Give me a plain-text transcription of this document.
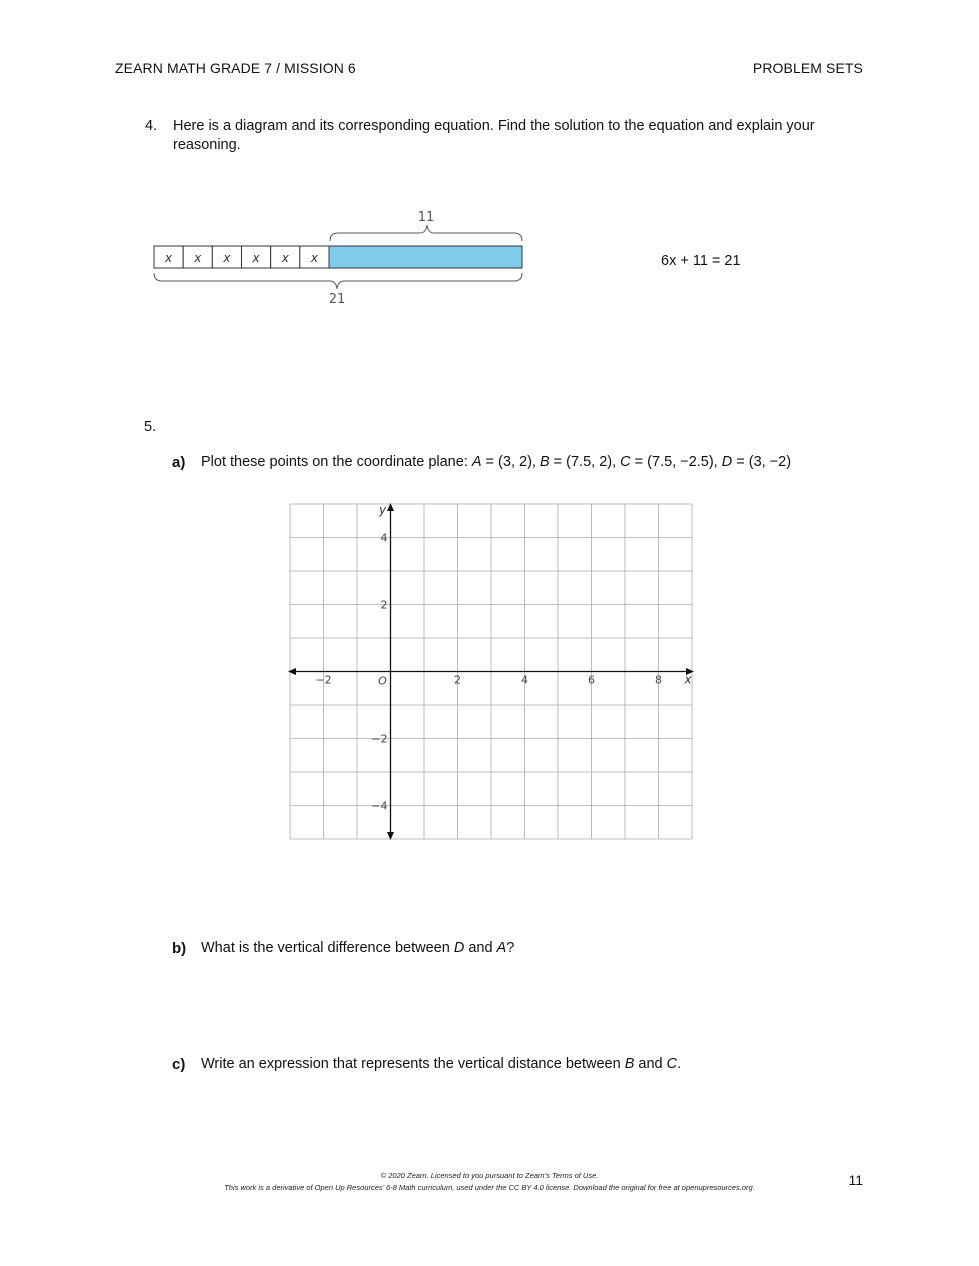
ZEARN MATH GRADE 7 / MISSION 6	PROBLEM SETS
4. Here is a diagram and its corresponding equation. Find the solution to the equation and explain your
reasoning.
11
x x x x x x
21
6x + 11 = 21
5.
a) Plot these points on the coordinate plane: A = (3, 2), B = (7.5, 2), C = (7.5, −2.5), D = (3, −2)
−2	2	4	6	8
4
2
−2
−4
O	x
y
b) What is the vertical difference between D and A?
c) Write an expression that represents the vertical distance between B and C.
© 2020 Zearn. Licensed to you pursuant to Zearn’s Terms of Use.
This work is a derivative of Open Up Resources’ 6-8 Math curriculum, used under the CC BY 4.0 license. Download the original for free at openupresources.org.	11
